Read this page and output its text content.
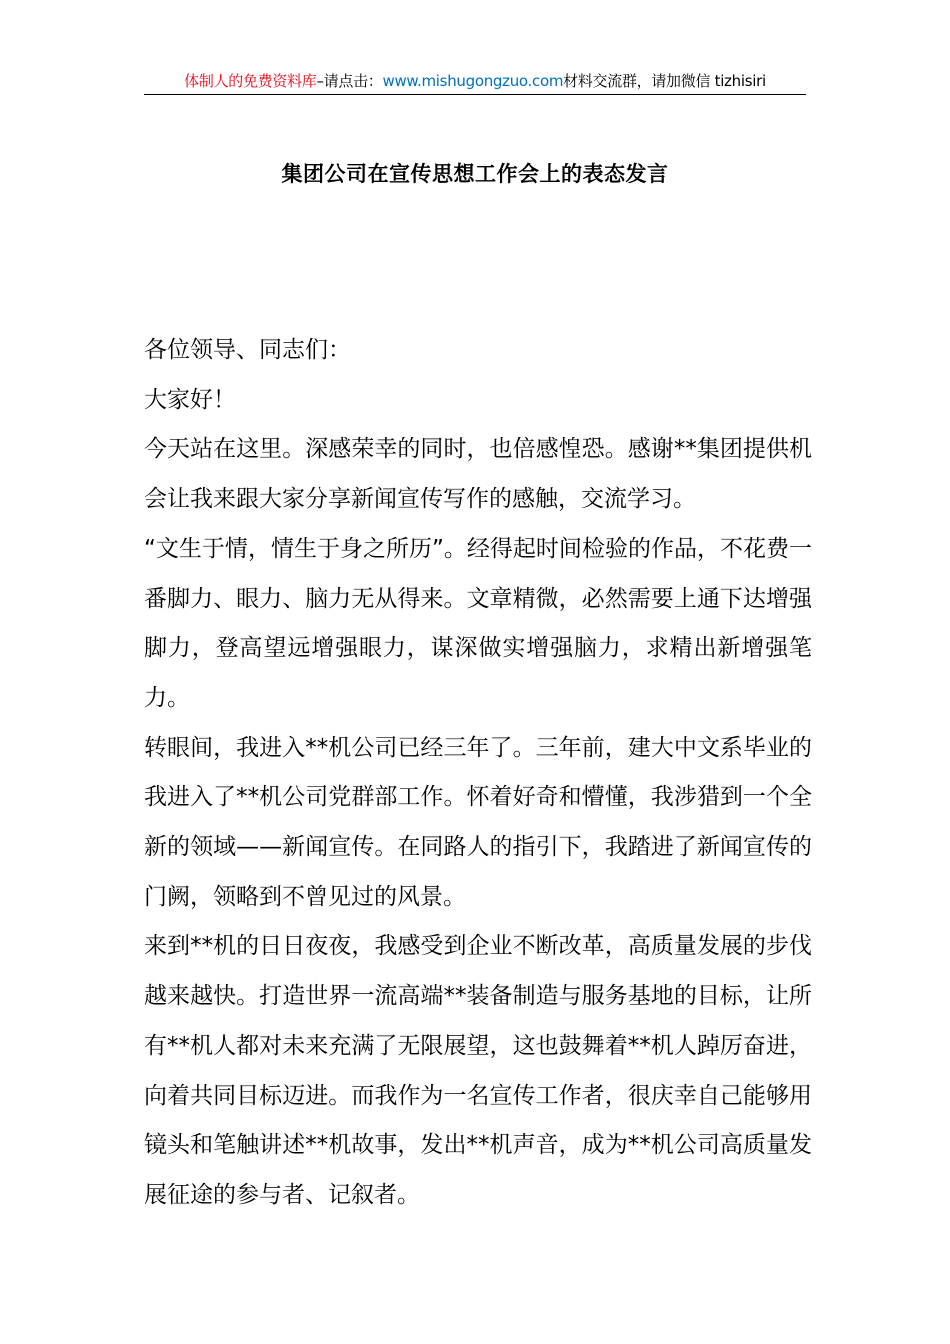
体制人的免费资料库–请点击：www.mishugongzuo.com材料交流群，请加微信 tizhisiri
集团公司在宣传思想工作会上的表态发言

各位领导、同志们：

大家好！

今天站在这里。深感荣幸的同时，也倍感惶恐。感谢**集团提供机会让我来跟大家分享新闻宣传写作的感触，交流学习。

“文生于情，情生于身之所历”。经得起时间检验的作品，不花费一番脚力、眼力、脑力无从得来。文章精微，必然需要上通下达增强脚力，登高望远增强眼力，谋深做实增强脑力，求精出新增强笔力。

转眼间，我进入**机公司已经三年了。三年前，建大中文系毕业的我进入了**机公司党群部工作。怀着好奇和懵懂，我涉猎到一个全新的领域——新闻宣传。在同路人的指引下，我踏进了新闻宣传的门阙，领略到不曾见过的风景。

来到**机的日日夜夜，我感受到企业不断改革，高质量发展的步伐越来越快。打造世界一流高端**装备制造与服务基地的目标，让所有**机人都对未来充满了无限展望，这也鼓舞着**机人踔厉奋进，向着共同目标迈进。而我作为一名宣传工作者，很庆幸自己能够用镜头和笔触讲述**机故事，发出**机声音，成为**机公司高质量发展征途的参与者、记叙者。
